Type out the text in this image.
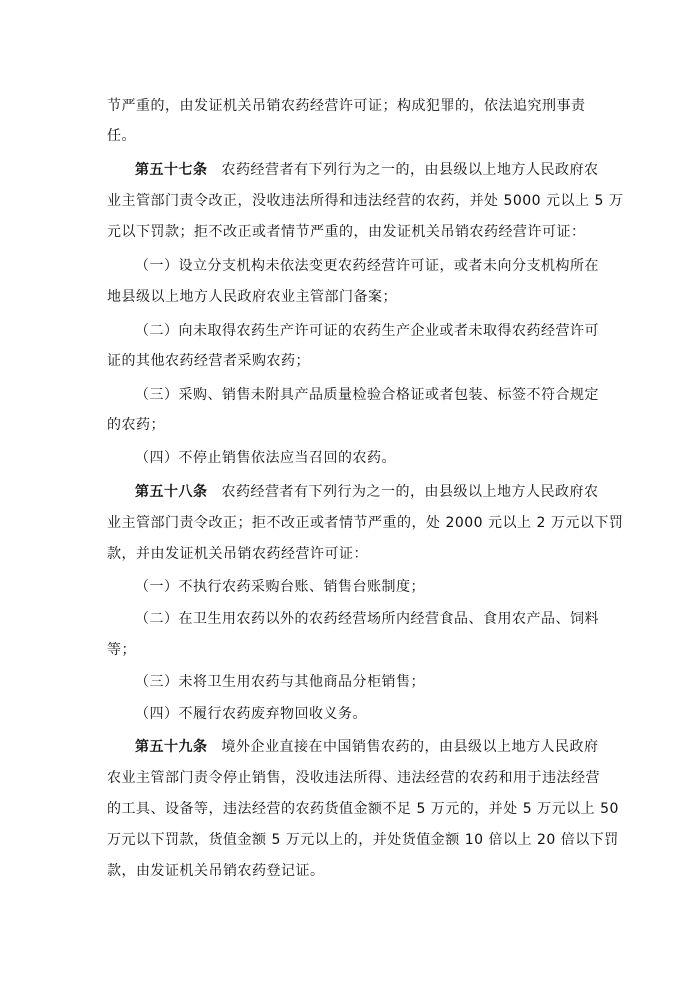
节严重的，由发证机关吊销农药经营许可证；构成犯罪的，依法追究刑事责
任。
第五十七条 农药经营者有下列行为之一的，由县级以上地方人民政府农
业主管部门责令改正，没收违法所得和违法经营的农药，并处 5000 元以上 5 万
元以下罚款；拒不改正或者情节严重的，由发证机关吊销农药经营许可证：
（一）设立分支机构未依法变更农药经营许可证，或者未向分支机构所在
地县级以上地方人民政府农业主管部门备案；
（二）向未取得农药生产许可证的农药生产企业或者未取得农药经营许可
证的其他农药经营者采购农药；
（三）采购、销售未附具产品质量检验合格证或者包装、标签不符合规定
的农药；
（四）不停止销售依法应当召回的农药。
第五十八条 农药经营者有下列行为之一的，由县级以上地方人民政府农
业主管部门责令改正；拒不改正或者情节严重的，处 2000 元以上 2 万元以下罚
款，并由发证机关吊销农药经营许可证：
（一）不执行农药采购台账、销售台账制度；
（二）在卫生用农药以外的农药经营场所内经营食品、食用农产品、饲料
等；
（三）未将卫生用农药与其他商品分柜销售；
（四）不履行农药废弃物回收义务。
第五十九条 境外企业直接在中国销售农药的，由县级以上地方人民政府
农业主管部门责令停止销售，没收违法所得、违法经营的农药和用于违法经营
的工具、设备等，违法经营的农药货值金额不足 5 万元的，并处 5 万元以上 50
万元以下罚款，货值金额 5 万元以上的，并处货值金额 10 倍以上 20 倍以下罚
款，由发证机关吊销农药登记证。
